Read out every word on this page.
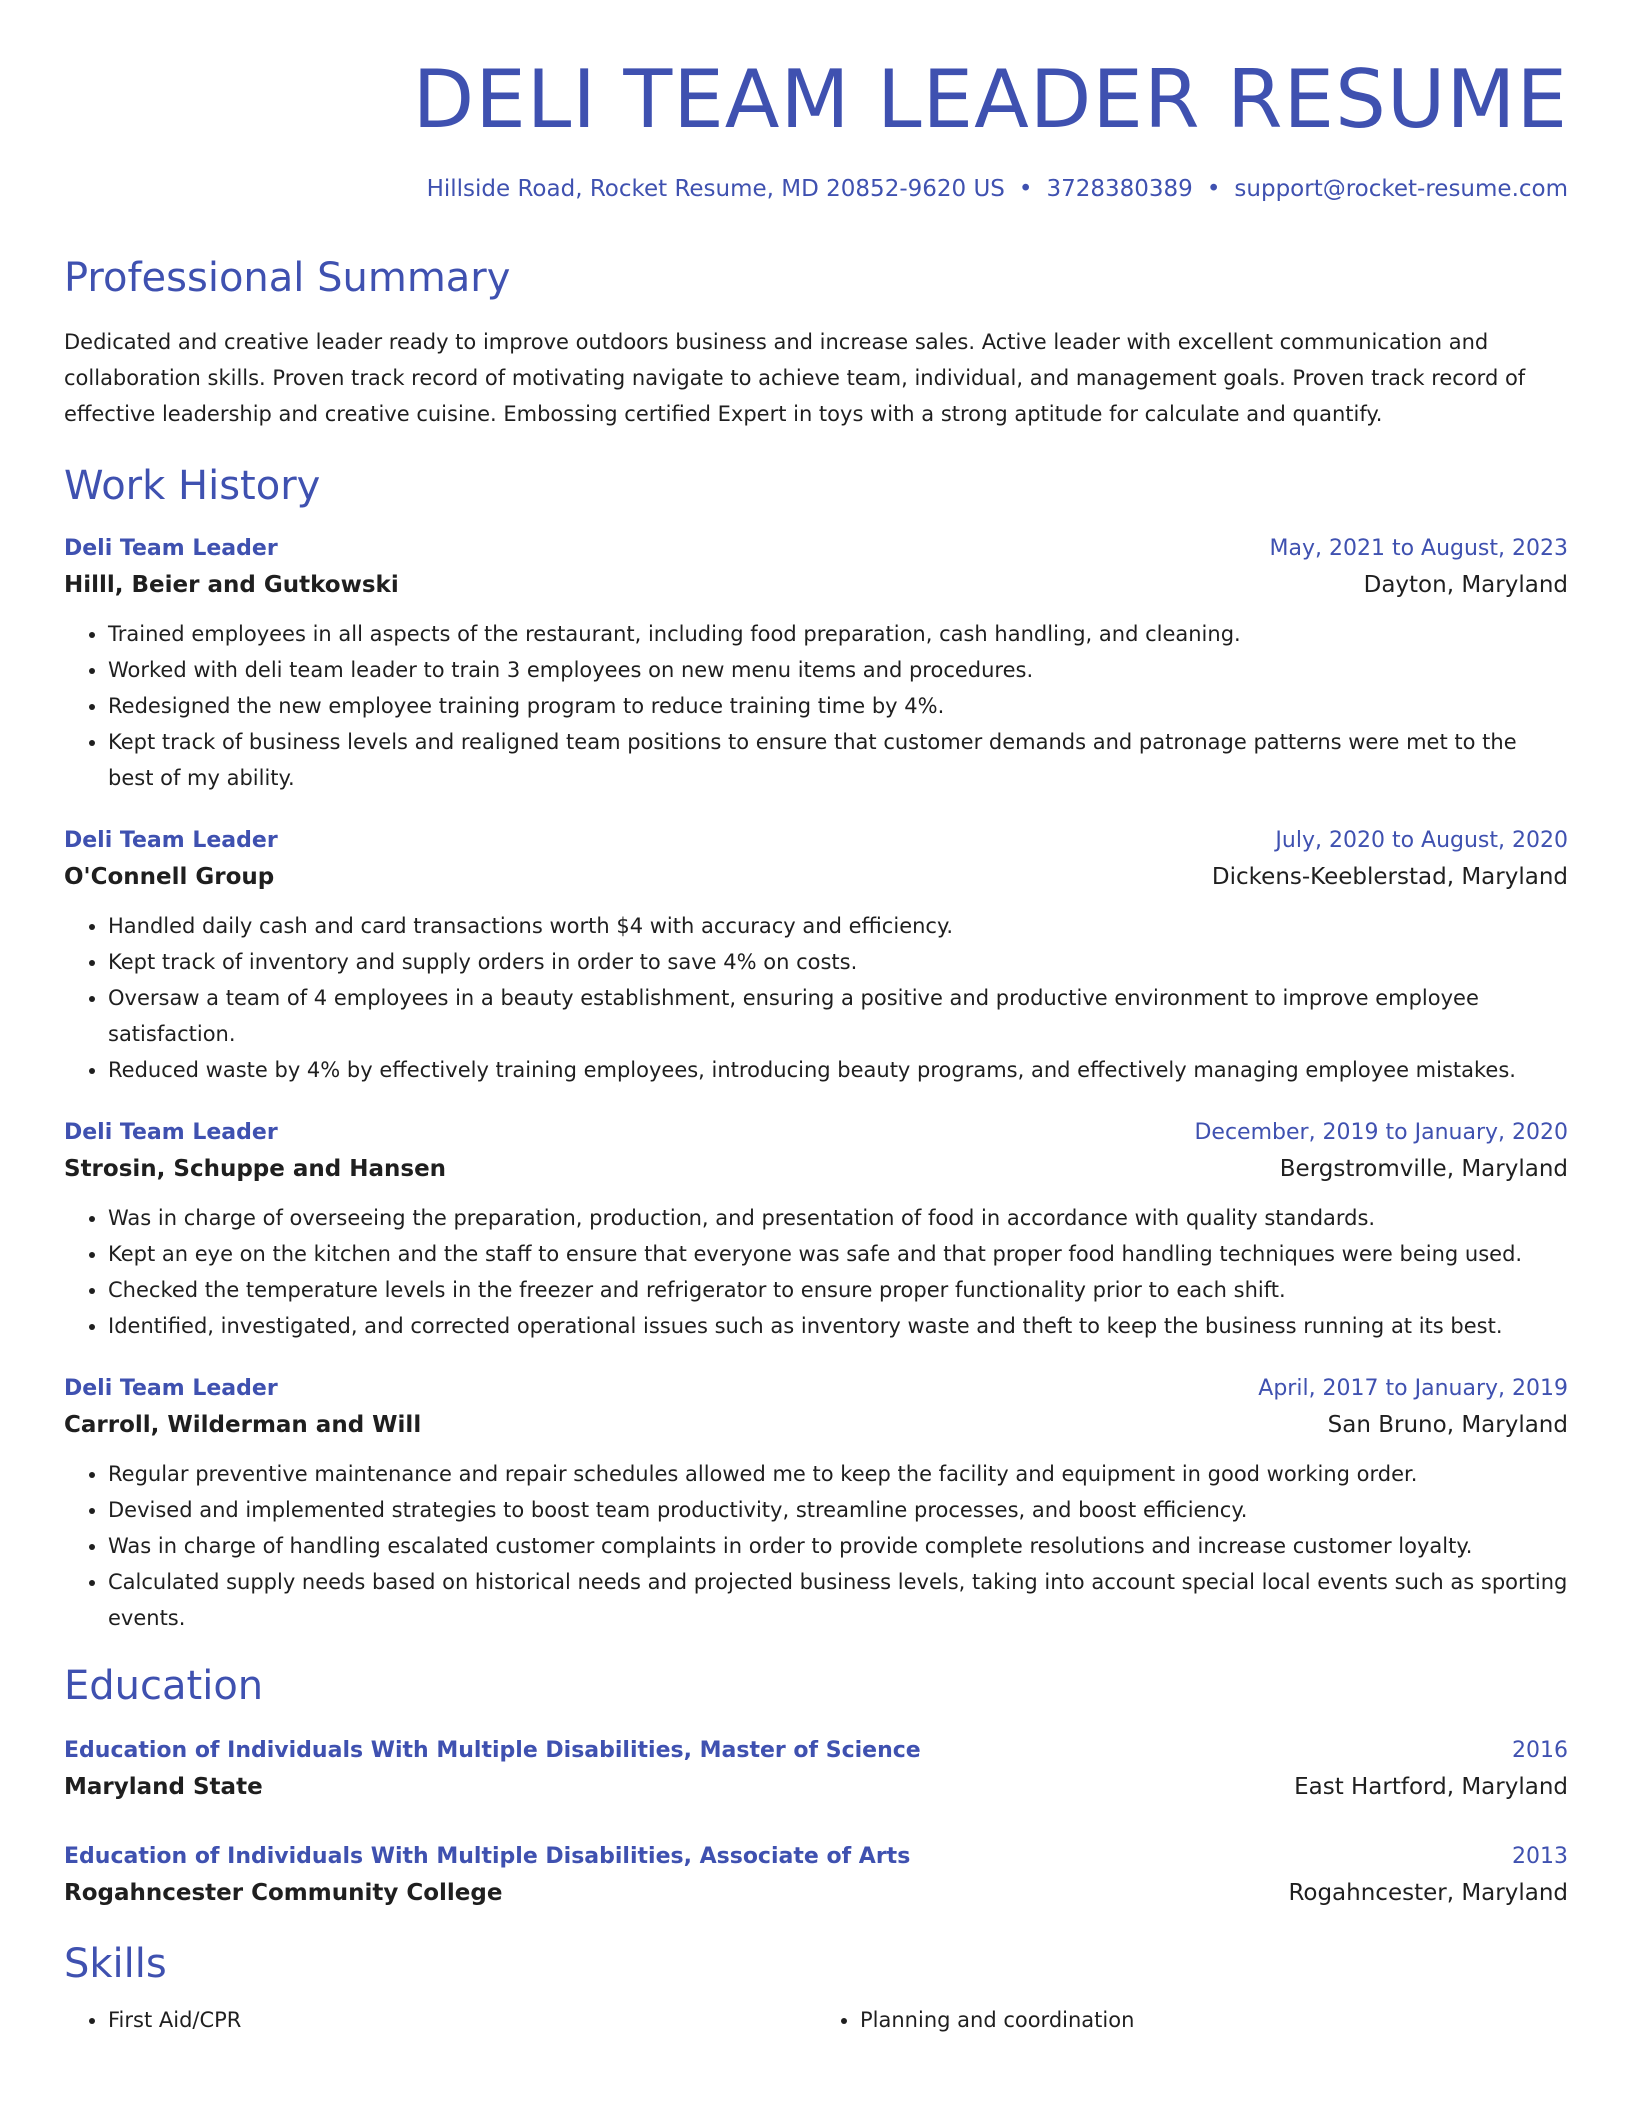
DELI TEAM LEADER RESUME
Hillside Road, Rocket Resume, MD 20852-9620 US • 3728380389 • support@rocket-resume.com
Professional Summary
Dedicated and creative leader ready to improve outdoors business and increase sales. Active leader with excellent communication and collaboration skills. Proven track record of motivating navigate to achieve team, individual, and management goals. Proven track record of effective leadership and creative cuisine. Embossing certified Expert in toys with a strong aptitude for calculate and quantify.
Work History
Deli Team Leader	May, 2021 to August, 2023
Hilll, Beier and Gutkowski	Dayton, Maryland
• Trained employees in all aspects of the restaurant, including food preparation, cash handling, and cleaning.
• Worked with deli team leader to train 3 employees on new menu items and procedures.
• Redesigned the new employee training program to reduce training time by 4%.
• Kept track of business levels and realigned team positions to ensure that customer demands and patronage patterns were met to the best of my ability.
Deli Team Leader	July, 2020 to August, 2020
O'Connell Group	Dickens-Keeblerstad, Maryland
• Handled daily cash and card transactions worth $4 with accuracy and efficiency.
• Kept track of inventory and supply orders in order to save 4% on costs.
• Oversaw a team of 4 employees in a beauty establishment, ensuring a positive and productive environment to improve employee satisfaction.
• Reduced waste by 4% by effectively training employees, introducing beauty programs, and effectively managing employee mistakes.
Deli Team Leader	December, 2019 to January, 2020
Strosin, Schuppe and Hansen	Bergstromville, Maryland
• Was in charge of overseeing the preparation, production, and presentation of food in accordance with quality standards.
• Kept an eye on the kitchen and the staff to ensure that everyone was safe and that proper food handling techniques were being used.
• Checked the temperature levels in the freezer and refrigerator to ensure proper functionality prior to each shift.
• Identified, investigated, and corrected operational issues such as inventory waste and theft to keep the business running at its best.
Deli Team Leader	April, 2017 to January, 2019
Carroll, Wilderman and Will	San Bruno, Maryland
• Regular preventive maintenance and repair schedules allowed me to keep the facility and equipment in good working order.
• Devised and implemented strategies to boost team productivity, streamline processes, and boost efficiency.
• Was in charge of handling escalated customer complaints in order to provide complete resolutions and increase customer loyalty.
• Calculated supply needs based on historical needs and projected business levels, taking into account special local events such as sporting events.
Education
Education of Individuals With Multiple Disabilities, Master of Science	2016
Maryland State	East Hartford, Maryland
Education of Individuals With Multiple Disabilities, Associate of Arts	2013
Rogahncester Community College	Rogahncester, Maryland
Skills
• First Aid/CPR
•	Planning and coordination
